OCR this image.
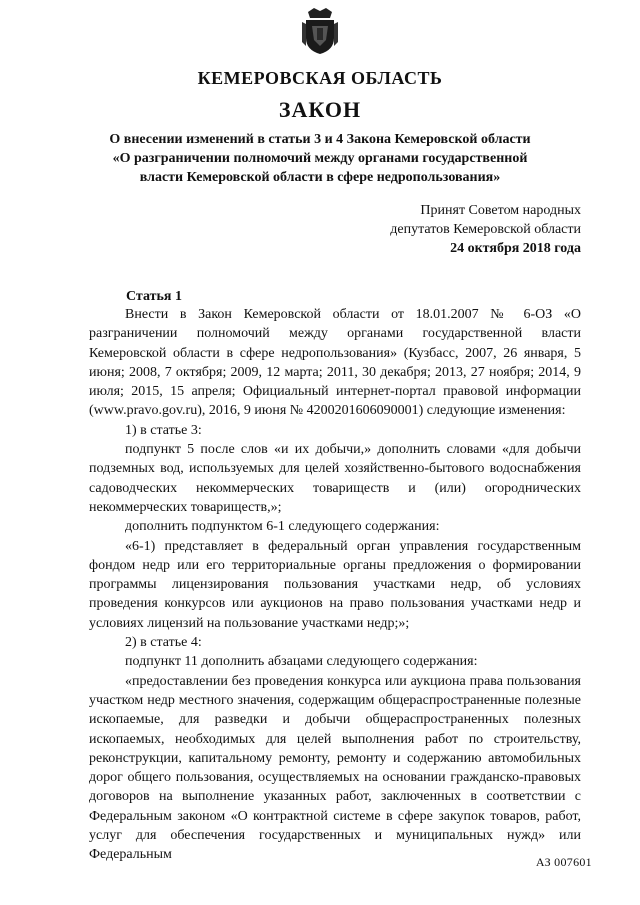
КЕМЕРОВСКАЯ ОБЛАСТЬ
ЗАКОН
О внесении изменений в статьи 3 и 4 Закона Кемеровской области
«О разграничении полномочий между органами государственной
власти Кемеровской области в сфере недропользования»
Принят Советом народных
депутатов Кемеровской области
24 октября 2018 года
Статья 1

Внести в Закон Кемеровской области от 18.01.2007 № 6-ОЗ «О разграничении полномочий между органами государственной власти Кемеровской области в сфере недропользования» (Кузбасс, 2007, 26 января, 5 июня; 2008, 7 октября; 2009, 12 марта; 2011, 30 декабря; 2013, 27 ноября; 2014, 9 июля; 2015, 15 апреля; Официальный интернет-портал правовой информации (www.pravo.gov.ru), 2016, 9 июня № 4200201606090001) следующие изменения:

1) в статье 3:

подпункт 5 после слов «и их добычи,» дополнить словами «для добычи подземных вод, используемых для целей хозяйственно-бытового водоснабжения садоводческих некоммерческих товариществ и (или) огороднических некоммерческих товариществ,»;

дополнить подпунктом 6-1 следующего содержания:

«6-1) представляет в федеральный орган управления государственным фондом недр или его территориальные органы предложения о формировании программы лицензирования пользования участками недр, об условиях проведения конкурсов или аукционов на право пользования участками недр и условиях лицензий на пользование участками недр;»;

2) в статье 4:

подпункт 11 дополнить абзацами следующего содержания:

«предоставлении без проведения конкурса или аукциона права пользования участком недр местного значения, содержащим общераспространенные полезные ископаемые, для разведки и добычи общераспространенных полезных ископаемых, необходимых для целей выполнения работ по строительству, реконструкции, капитальному ремонту, ремонту и содержанию автомобильных дорог общего пользования, осуществляемых на основании гражданско-правовых договоров на выполнение указанных работ, заключенных в соответствии с Федеральным законом «О контрактной системе в сфере закупок товаров, работ, услуг для обеспечения государственных и муниципальных нужд» или Федеральным	АЗ 007601
